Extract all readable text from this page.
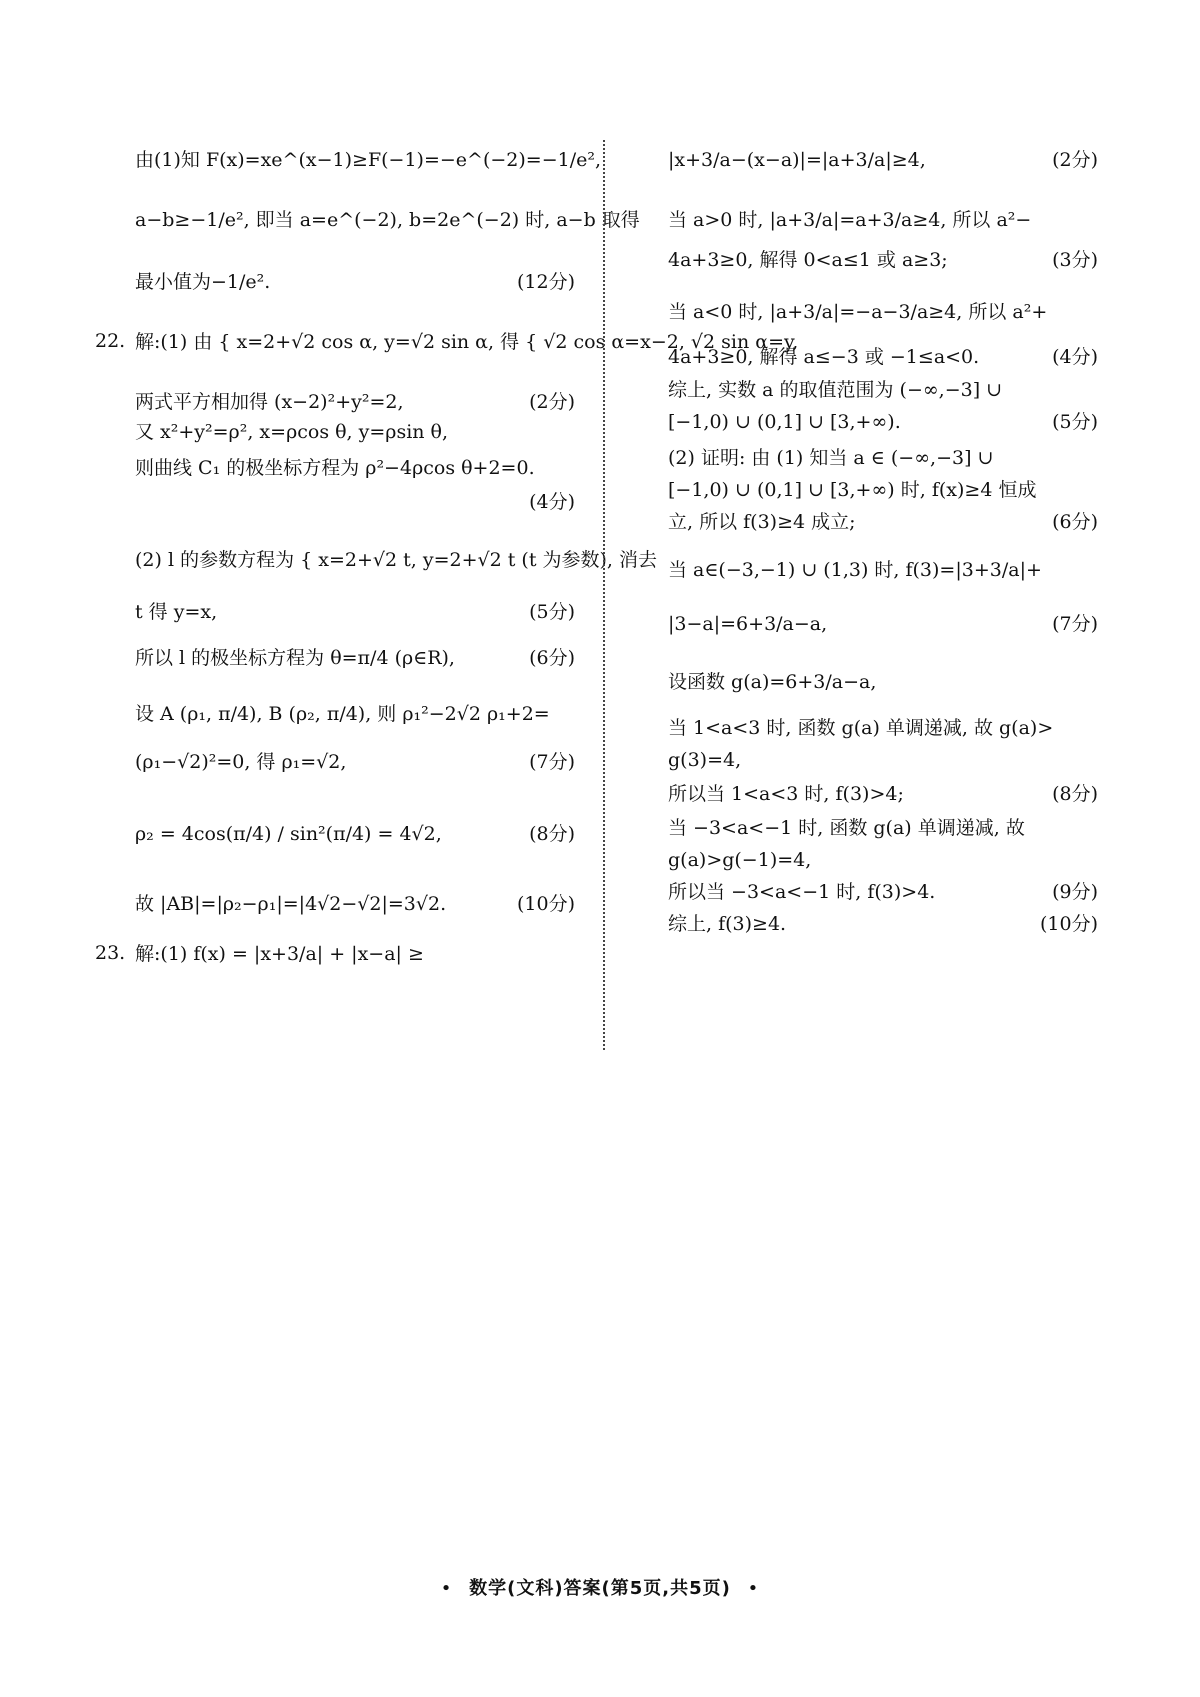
由(1)知 F(x)=xe^(x−1)≥F(−1)=−e^(−2)=−1/e²,
a−b≥−1/e², 即当 a=e^(−2), b=2e^(−2) 时, a−b 取得
最小值为−1/e².	(12分)
22. 解:(1) 由 { x=2+√2 cos α, y=√2 sin α, 得 { √2 cos α=x−2, √2 sin α=y,
两式平方相加得 (x−2)²+y²=2,	(2分)
又 x²+y²=ρ², x=ρcos θ, y=ρsin θ,
则曲线 C₁ 的极坐标方程为 ρ²−4ρcos θ+2=0.
(4分)
(2) l 的参数方程为 { x=2+√2 t, y=2+√2 t (t 为参数), 消去
t 得 y=x,	(5分)
所以 l 的极坐标方程为 θ=π/4 (ρ∈R),	(6分)
设 A (ρ₁, π/4), B (ρ₂, π/4), 则 ρ₁²−2√2 ρ₁+2=
(ρ₁−√2)²=0, 得 ρ₁=√2,	(7分)
ρ₂ = 4cos(π/4) / sin²(π/4) = 4√2,	(8分)
故 |AB|=|ρ₂−ρ₁|=|4√2−√2|=3√2.	(10分)
23. 解:(1) f(x) = |x+3/a| + |x−a| ≥
|x+3/a−(x−a)|=|a+3/a|≥4,	(2分)
当 a>0 时, |a+3/a|=a+3/a≥4, 所以 a²−
4a+3≥0, 解得 0<a≤1 或 a≥3;	(3分)
当 a<0 时, |a+3/a|=−a−3/a≥4, 所以 a²+
4a+3≥0, 解得 a≤−3 或 −1≤a<0.	(4分)
综上, 实数 a 的取值范围为 (−∞,−3] ∪
[−1,0) ∪ (0,1] ∪ [3,+∞).	(5分)
(2) 证明: 由 (1) 知当 a ∈ (−∞,−3] ∪
[−1,0) ∪ (0,1] ∪ [3,+∞) 时, f(x)≥4 恒成
立, 所以 f(3)≥4 成立;	(6分)
当 a∈(−3,−1) ∪ (1,3) 时, f(3)=|3+3/a|+
|3−a|=6+3/a−a,	(7分)
设函数 g(a)=6+3/a−a,
当 1<a<3 时, 函数 g(a) 单调递减, 故 g(a)>
g(3)=4,
所以当 1<a<3 时, f(3)>4;	(8分)
当 −3<a<−1 时, 函数 g(a) 单调递减, 故
g(a)>g(−1)=4,
所以当 −3<a<−1 时, f(3)>4.	(9分)
综上, f(3)≥4.	(10分)
• 数学(文科)答案(第5页,共5页) •
